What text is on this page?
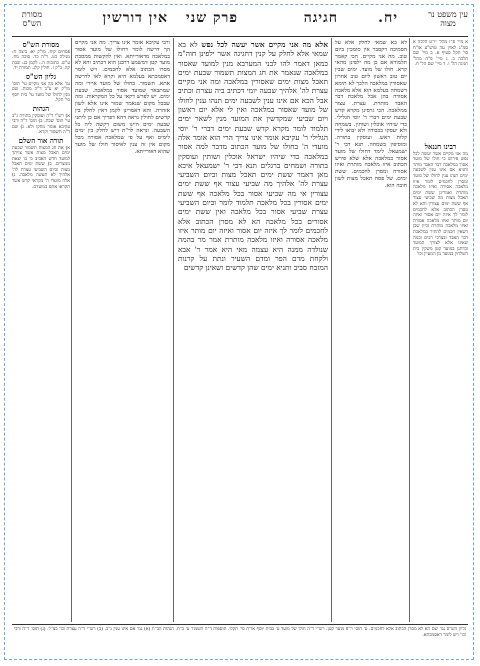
עין משפט נר מצוה
יח.
חגיגה
פרק שני
אין דורשין
מסורת הש"ס
א מיי' פ"ז מהל' יו"ט הלכה א סמ"ג לאוין עה טוש"ע או"ח סי' תקל סעיף א. ב מיי' שם הלכה ב. ג מיי' פ"ה מהל' חגיגה הל' ו. ד מיי' שם הל' ח.
רבינו חננאל
מה אני מקיים אשר יעשה לכל נפש פירוש כי חולו של מועד אסור במלאכה דבר האבד מותר ותניא אם אינו ענין לשבעה ימים תנהו ענין לחולו של מועד ומסרן לחכמים לומר איזו מלאכה אסורה ואיזו מלאכה מותרת ואמרינן ששת ימים תאכל מצות מה שביעי עצור אף ששת ימים עצורין והא לא מסרן הכתוב אלא לחכמים לומר לך איזה יום אסור ואיזה יום מותר ואיזו מלאכה אסורה ואיזו מלאכה מותרת וכיון שכן רשאין חכמים להתיר במלאכת דבר האבד ובצרכי רבים ובמה שאינו אלא לצורך המועד וכדתנן במועד קטן משקין בית השלחין במועד מן המעיין וכו'
לא בא שמאי לחלק אלא על הסמיכה דקסבר אין סומכין ביום טוב. מה אני מקיים. הכי קאמר תלמודא אם כן מה ילפינן מהאי קרא. חולו של מועד. ימים שבין יום טוב ראשון ליום טוב אחרון שאסורין במלאכה הלכך לא תימא דשמחה בעלמא הוא אלא מלאכה אסורה בהן אבל מלאכת דבר האבד מותרת. עצרת. עצור ממלאכה. הכי גרסינן מקרא קדש שבעת ימים דברי ר' יוסי הגלילי. כדי שיהיו אוכלין ושותין. בשמחה ולא יעסקו בכבודה ולא יבואו לידי קלות ראש. ועוסקין בתורה. ומוסיפין בשמחה. תנא דבי ר' ישמעאל. לימד דחולו של מועד אסור במלאכה אלא שלא פירש הכתוב איזו מלאכה מותרת ואיזו אסורה ומסרן לחכמים. ששת ימים. של פסח תאכל מצות לשון חובה הוא.
אלא מה אני מקיים אשר יעשה לכל נפש לא בא שמאי אלא לחלק על קנין דחגיגה אשר ילפינן חוה"מ כמאן דאמר להו לבני המערבא מנין למועד שאסור במלאכה שנאמר את חג המצות תשמור שבעת ימים תאכל מצות ימים שאסורין במלאכה ומה אני מקיים עצרת לה' אלהיך שבעה יומי דכתיב ביה עצרת וכתיב אבל הכא אם אינו ענין לשבעה ימים תנהו ענין לחולו של מועד שאסור במלאכה ואין לי אלא יום ראשון ויום שביעי שמקדשין את המועד מנין לשאר ימים תלמוד לומר מקרא קדש שבעת ימים דברי ר' יוסי הגלילי ר' עקיבא אומר אינו צריך הרי הוא אומר אלה מועדי ה' בחולו של מועד הכתוב מדבר למה אסור במלאכה כדי שיהיו ישראל אוכלין ושותין ועוסקין בתורה ושמחים ברגלים תנא דבי ר' ישמעאל איכא מאן דאמר ששת ימים תאכל מצות וביום השביעי עצרת לה' אלהיך מה שביעי עצור אף ששת ימים עצורין אי מה שביעי אסור בכל מלאכה אף ששת ימים אסורין בכל מלאכה תלמוד לומר וביום השביעי עצרת שביעי אסור בכל מלאכה ואין ששת ימים אסורים בכל מלאכה הא לא מסרן הכתוב אלא לחכמים לומר לך איזה יום אסור ואיזה יום מותר איזו מלאכה אסורה ואיזו מלאכה מותרת אמר מר בהמה שנולדה ממנה היא עצמה מאי היא אמר ר' אבא ולקחת מדם הפר ומדם השעיר ונתת על קרנות המזבח סביב ותניא ימים שהן קדשים ושאינן קדשים
ורבי עקיבא אומר אינו צריך. מה אני מקיים הך דרשה לומר דחולו של מועד אסור במלאכה מדאורייתא. ואין להקשות ממסכת מועד קטן דמשמע דרבנן הוא דכתיב והא לא מסרו הכתוב אלא לחכמים. ויש לומר דאסמכתא בעלמא היא וקרא לאו לדרשה אתא. תשמור. בחולו של מועד איירי ומה שמתבאר שמועד אסור במלאכה. שבעת ימים. יש לפרש דקאי על כל המקראות. ומה שבכל מקום שנאמר שמור אינו אלא לשון אזהרה. והא דאמרינן לקמן דאין לחלק בין קדשים לחולין נראה דהא דפריך אם כן ליתני שבעה ימים היינו משום דקשה ליה כל השבעה. ונראה לר"ת דיש לחלק בין ימים לימים ואף על פי שמלאכה אסורה מכל מקום אין זה ענין לאיסור חולו של מועד שהוא דאורייתא.
מסורת הש"ס
פסחים קיח. מו"ק יא: ביצה ח: מגילה כט. ר"ה כד. סוכה מח. ע"ש. כתובות ה.: לקמן כג: שבת קה. ב"ק ז. חולין קלג. תמורה יד.
גליון הש"ס
גמ' אלא מה אני מקיים עי' תוס' מו"ק יא ע"ב ד"ה מכות. שם מנין לחולו של מועד עי' בית יוסף סי' תקל.
הגהות
א) רש"י ד"ה ועוסקין בתורה נ"ב עי' תוס' שבת. ב) תוס' ד"ה ורבי עקיבא אומר מחקו ולא. ג) שם ד"ה תשמור וקרא.
תורה אור השלם
א) את חג המצות תשמור שבעת ימים תאכל מצות אשר צויתך למועד חדש האביב כי בו יצאת ממצרים. ב) ששת ימים תאכל מצות וביום השביעי עצרת לה' אלהיך לא תעשה מלאכה. ג) אלה מועדי ה' מקראי קדש אשר תקראו אתם במועדם.
גליון הש"ס גמ' שם הא לא מסרן הכתוב אלא לחכמים. ע' תוס' ר"פ מועד קטן. רש"י ד"ה חולו של מועד ע' בבית יוסף או"ח סי' תקלו. תוספות ד"ה תשמור ע' ב"ח. הגהות הב"ח (א) גמ' אם אינו ענין נ"ב. (ב) רש"י ד"ה עצרת וכו' כצ"ל. (ג) תוס' ד"ה ורבי וכו' ויש לומר דאסמכתא.
